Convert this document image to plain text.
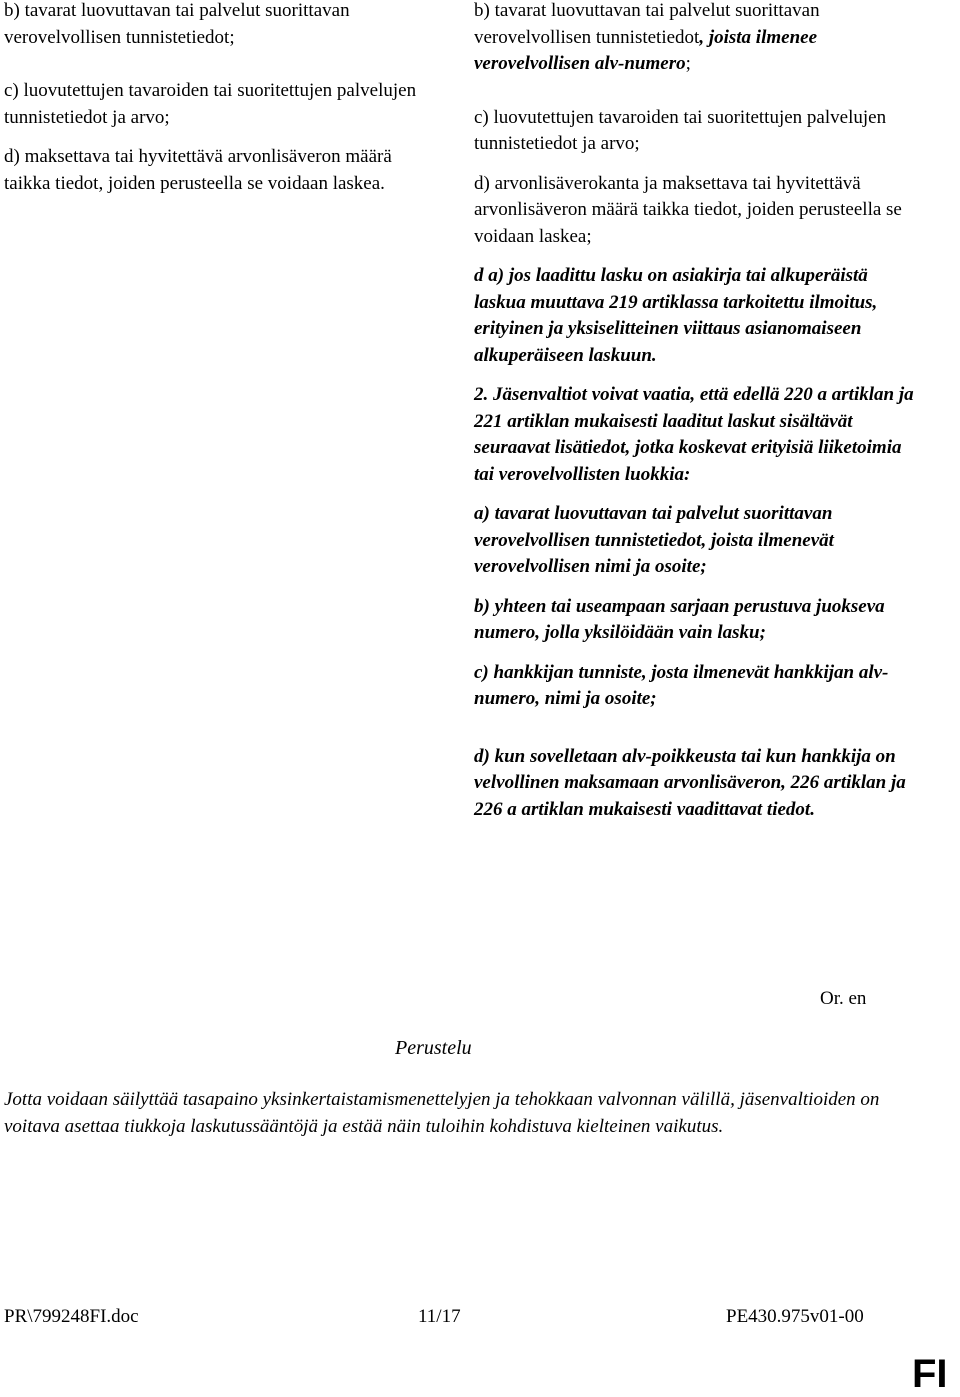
b) tavarat luovuttavan tai palvelut suorittavan verovelvollisen tunnistetiedot;

c) luovutettujen tavaroiden tai suoritettujen palvelujen tunnistetiedot ja arvo;

d) maksettava tai hyvitettävä arvonlisäveron määrä taikka tiedot, joiden perusteella se voidaan laskea.

b) tavarat luovuttavan tai palvelut suorittavan verovelvollisen tunnistetiedot, joista ilmenee verovelvollisen alv-numero;

c) luovutettujen tavaroiden tai suoritettujen palvelujen tunnistetiedot ja arvo;

d) arvonlisäverokanta ja maksettava tai hyvitettävä arvonlisäveron määrä taikka tiedot, joiden perusteella se voidaan laskea;

d a) jos laadittu lasku on asiakirja tai alkuperäistä laskua muuttava 219 artiklassa tarkoitettu ilmoitus, erityinen ja yksiselitteinen viittaus asianomaiseen alkuperäiseen laskuun.

2. Jäsenvaltiot voivat vaatia, että edellä 220 a artiklan ja 221 artiklan mukaisesti laaditut laskut sisältävät seuraavat lisätiedot, jotka koskevat erityisiä liiketoimia tai verovelvollisten luokkia:

a) tavarat luovuttavan tai palvelut suorittavan verovelvollisen tunnistetiedot, joista ilmenevät verovelvollisen nimi ja osoite;

b) yhteen tai useampaan sarjaan perustuva juokseva numero, jolla yksilöidään vain lasku;

c) hankkijan tunniste, josta ilmenevät hankkijan alv-numero, nimi ja osoite;

d) kun sovelletaan alv-poikkeusta tai kun hankkija on velvollinen maksamaan arvonlisäveron, 226 artiklan ja 226 a artiklan mukaisesti vaadittavat tiedot.

Or. en
Perustelu

Jotta voidaan säilyttää tasapaino yksinkertaistamismenettelyjen ja tehokkaan valvonnan välillä, jäsenvaltioiden on voitava asettaa tiukkoja laskutussääntöjä ja estää näin tuloihin kohdistuva kielteinen vaikutus.

PR\799248FI.doc	11/17	PE430.975v01-00
FI
